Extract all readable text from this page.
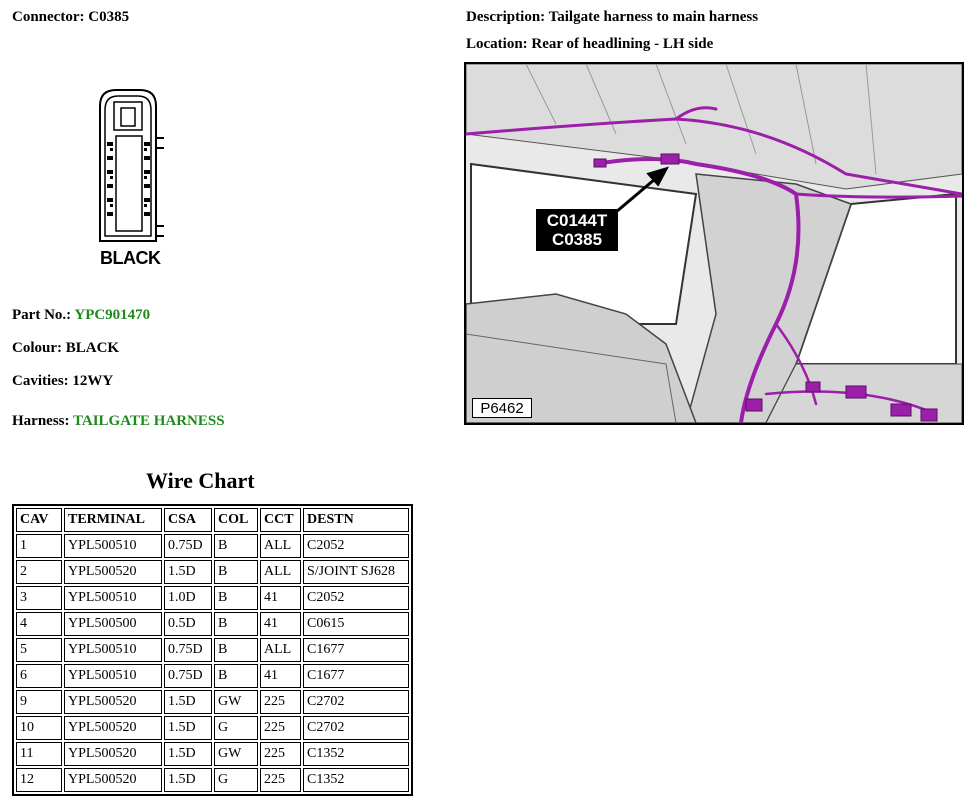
Connector: C0385	Description: Tailgate harness to main harness
Location: Rear of headlining - LH side
BLACK
Part No.: YPC901470
Colour: BLACK
Cavities: 12WY
Harness: TAILGATE HARNESS
C0144T
C0385
P6462
Wire Chart
CAV	TERMINAL	CSA	COL	CCT	DESTN
1	YPL500510	0.75D	B	ALL	C2052
2	YPL500520	1.5D	B	ALL	S/JOINT SJ628
3	YPL500510	1.0D	B	41	C2052
4	YPL500500	0.5D	B	41	C0615
5	YPL500510	0.75D	B	ALL	C1677
6	YPL500510	0.75D	B	41	C1677
9	YPL500520	1.5D	GW	225	C2702
10	YPL500520	1.5D	G	225	C2702
11	YPL500520	1.5D	GW	225	C1352
12	YPL500520	1.5D	G	225	C1352
